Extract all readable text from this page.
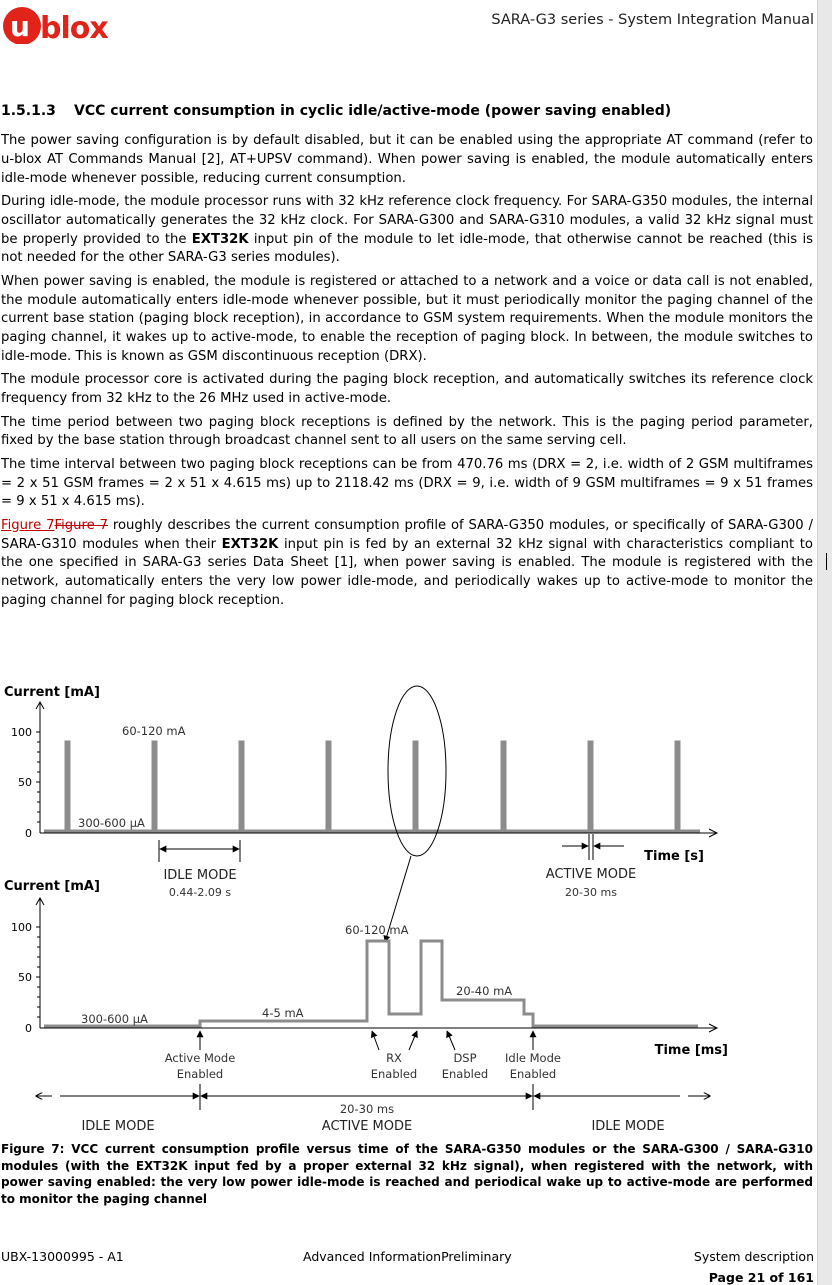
u blox	SARA-G3 series - System Integration Manual
1.5.1.3 VCC current consumption in cyclic idle/active-mode (power saving enabled)

The power saving configuration is by default disabled, but it can be enabled using the appropriate AT command (refer to u-blox AT Commands Manual [2], AT+UPSV command). When power saving is enabled, the module automatically enters idle-mode whenever possible, reducing current consumption.

During idle-mode, the module processor runs with 32 kHz reference clock frequency. For SARA-G350 modules, the internal oscillator automatically generates the 32 kHz clock. For SARA-G300 and SARA-G310 modules, a valid 32 kHz signal must be properly provided to the EXT32K input pin of the module to let idle-mode, that otherwise cannot be reached (this is not needed for the other SARA-G3 series modules).

When power saving is enabled, the module is registered or attached to a network and a voice or data call is not enabled, the module automatically enters idle-mode whenever possible, but it must periodically monitor the paging channel of the current base station (paging block reception), in accordance to GSM system requirements. When the module monitors the paging channel, it wakes up to active-mode, to enable the reception of paging block. In between, the module switches to idle-mode. This is known as GSM discontinuous reception (DRX).

The module processor core is activated during the paging block reception, and automatically switches its reference clock frequency from 32 kHz to the 26 MHz used in active-mode.

The time period between two paging block receptions is defined by the network. This is the paging period parameter, fixed by the base station through broadcast channel sent to all users on the same serving cell.

The time interval between two paging block receptions can be from 470.76 ms (DRX = 2, i.e. width of 2 GSM multiframes = 2 x 51 GSM frames = 2 x 51 x 4.615 ms) up to 2118.42 ms (DRX = 9, i.e. width of 9 GSM multiframes = 9 x 51 frames = 9 x 51 x 4.615 ms).

Figure 7Figure 7 roughly describes the current consumption profile of SARA-G350 modules, or specifically of SARA-G300 / SARA-G310 modules when their EXT32K input pin is fed by an external 32 kHz signal with characteristics compliant to the one specified in SARA-G3 series Data Sheet [1], when power saving is enabled. The module is registered with the network, automatically enters the very low power idle-mode, and periodically wakes up to active-mode to monitor the paging channel for paging block reception.

Current [mA]
100
50
0
60-120 mA
300-600 µA
IDLE MODE
0.44-2.09 s
ACTIVE MODE
20-30 ms
Time [s]
Current [mA]
100
50
0
300-600 µA	4-5 mA
60-120 mA
20-40 mA
Active Mode
Enabled
RX
Enabled
DSP
Enabled
Idle Mode
Enabled
Time [ms]
20-30 ms
IDLE MODE	ACTIVE MODE	IDLE MODE
Figure 7: VCC current consumption profile versus time of the SARA-G350 modules or the SARA-G300 / SARA-G310 modules (with the EXT32K input fed by a proper external 32 kHz signal), when registered with the network, with power saving enabled: the very low power idle-mode is reached and periodical wake up to active-mode are performed to monitor the paging channel
UBX-13000995 - A1	Advanced InformationPreliminary	System description
Page 21 of 161
